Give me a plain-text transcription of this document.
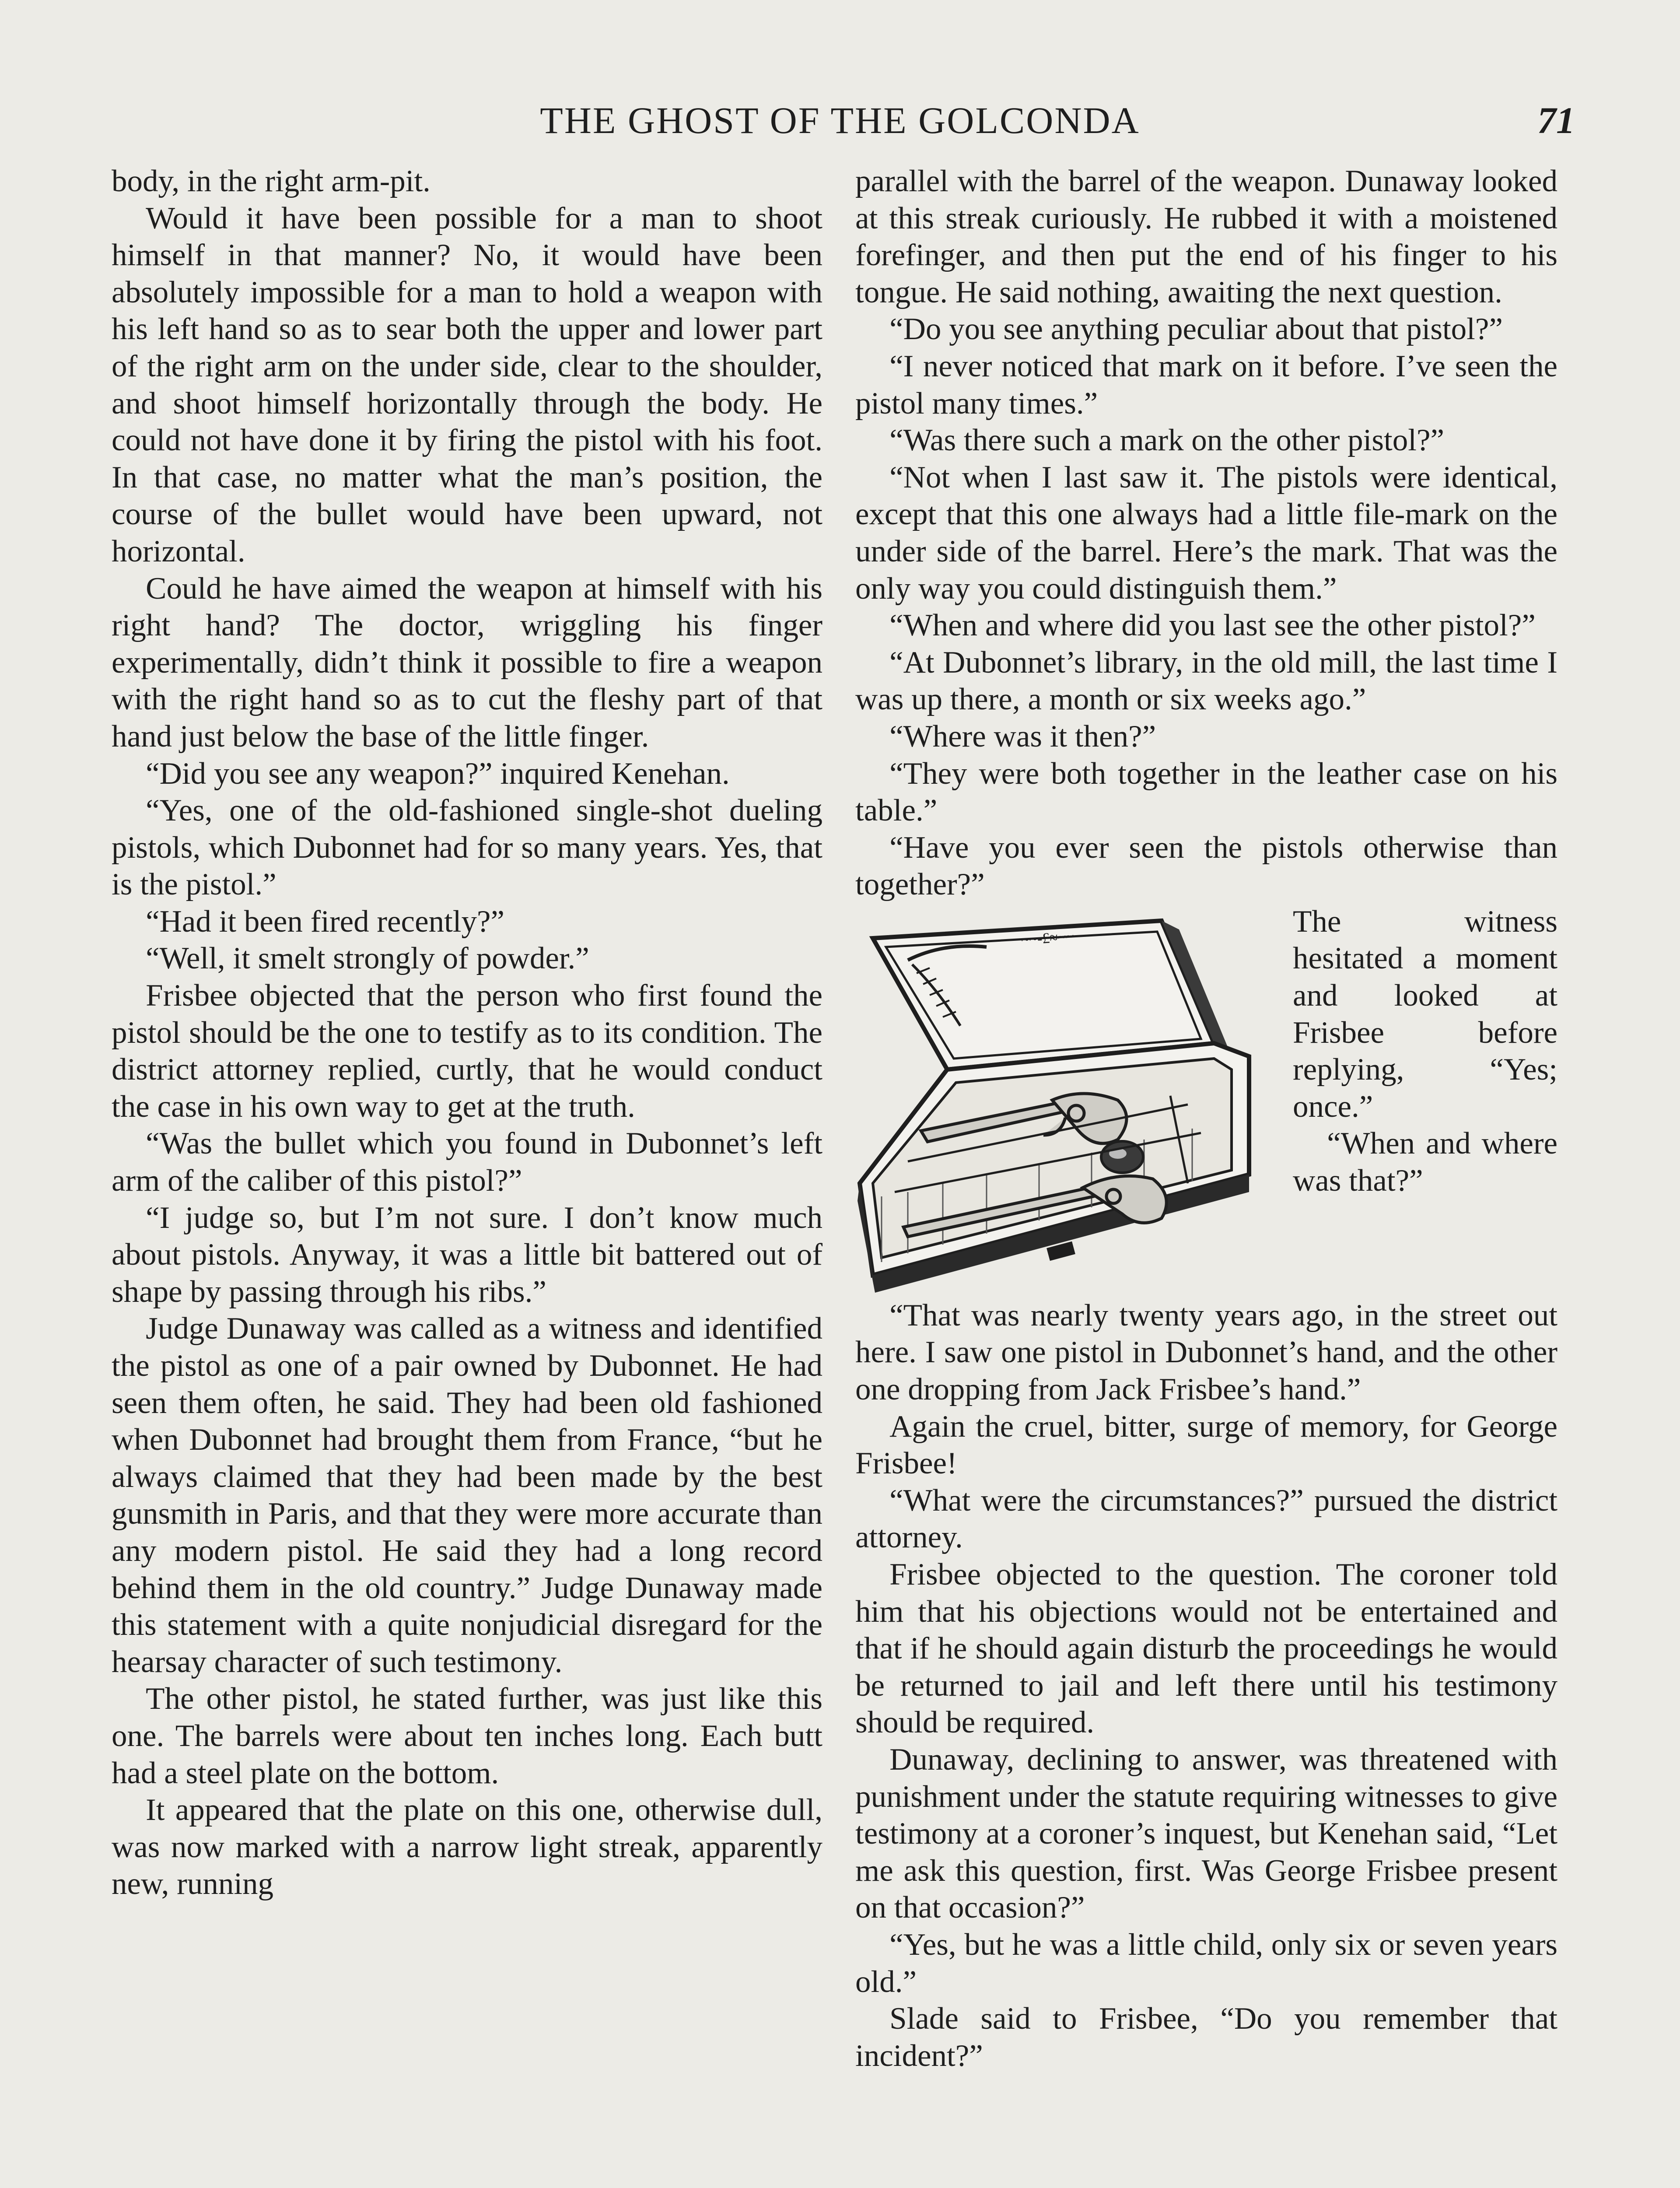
THE GHOST OF THE GOLCONDA	71

body, in the right arm-pit.

Would it have been possible for a man to shoot himself in that manner? No, it would have been absolutely impossible for a man to hold a weapon with his left hand so as to sear both the upper and lower part of the right arm on the under side, clear to the shoulder, and shoot himself horizontally through the body. He could not have done it by firing the pistol with his foot. In that case, no matter what the man’s position, the course of the bullet would have been upward, not horizontal.

Could he have aimed the weapon at himself with his right hand? The doctor, wriggling his finger experimentally, didn’t think it possible to fire a weapon with the right hand so as to cut the fleshy part of that hand just below the base of the little finger.

“Did you see any weapon?” inquired Kenehan.

“Yes, one of the old-fashioned single-shot dueling pistols, which Dubonnet had for so many years. Yes, that is the pistol.”

“Had it been fired recently?”

“Well, it smelt strongly of powder.”

Frisbee objected that the person who first found the pistol should be the one to testify as to its condition. The district attorney replied, curtly, that he would conduct the case in his own way to get at the truth.

“Was the bullet which you found in Dubonnet’s left arm of the caliber of this pistol?”

“I judge so, but I’m not sure. I don’t know much about pistols. Anyway, it was a little bit battered out of shape by passing through his ribs.”

Judge Dunaway was called as a witness and identified the pistol as one of a pair owned by Dubonnet. He had seen them often, he said. They had been old fashioned when Dubonnet had brought them from France, “but he always claimed that they had been made by the best gunsmith in Paris, and that they were more accurate than any modern pistol. He said they had a long record behind them in the old country.” Judge Dunaway made this statement with a quite nonjudicial disregard for the hearsay character of such testimony.

The other pistol, he stated further, was just like this one. The barrels were about ten inches long. Each butt had a steel plate on the bottom.

It appeared that the plate on this one, otherwise dull, was now marked with a narrow light streak, apparently new, running

parallel with the barrel of the weapon. Dunaway looked at this streak curiously. He rubbed it with a moistened forefinger, and then put the end of his finger to his tongue. He said nothing, awaiting the next question.

“Do you see anything peculiar about that pistol?”

“I never noticed that mark on it before. I’ve seen the pistol many times.”

“Was there such a mark on the other pistol?”

“Not when I last saw it. The pistols were identical, except that this one always had a little file-mark on the under side of the barrel. Here’s the mark. That was the only way you could distinguish them.”

“When and where did you last see the other pistol?”

“At Dubonnet’s library, in the old mill, the last time I was up there, a month or six weeks ago.”

“Where was it then?”

“They were both together in the leather case on his table.”

“Have you ever seen the pistols otherwise than together?”

~~-£≈~~	The witness hesitated a moment and looked at Frisbee before replying, “Yes; once.”

“When and where was that?”

“That was nearly twenty years ago, in the street out here. I saw one pistol in Dubonnet’s hand, and the other one dropping from Jack Frisbee’s hand.”

Again the cruel, bitter, surge of memory, for George Frisbee!

“What were the circumstances?” pursued the district attorney.

Frisbee objected to the question. The coroner told him that his objections would not be entertained and that if he should again disturb the proceedings he would be returned to jail and left there until his testimony should be required.

Dunaway, declining to answer, was threatened with punishment under the statute requiring witnesses to give testimony at a coroner’s inquest, but Kenehan said, “Let me ask this question, first. Was George Frisbee present on that occasion?”

“Yes, but he was a little child, only six or seven years old.”

Slade said to Frisbee, “Do you remember that incident?”
